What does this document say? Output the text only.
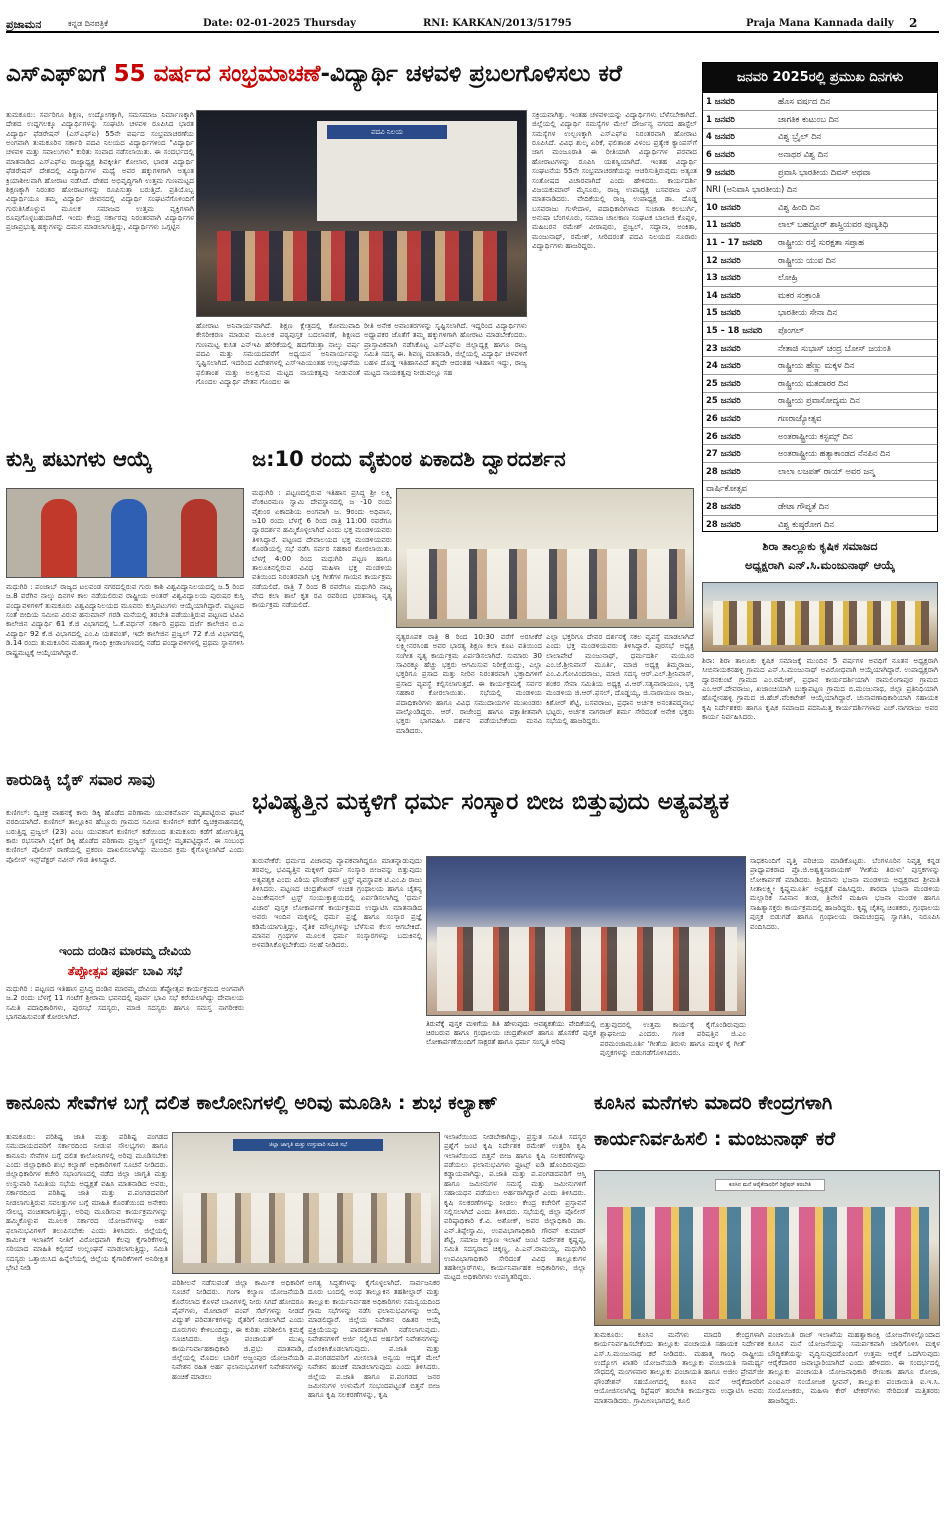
ಪ್ರಜಾಮನ	ಕನ್ನಡ ದಿನಪತ್ರಿಕೆ	Date: 02-01-2025 Thursday	RNI: KARKAN/2013/51795	Praja Mana Kannada daily 2
ಎಸ್‌ಎಫ್‌ಐಗೆ 55 ವರ್ಷದ ಸಂಭ್ರಮಾಚಣೆ-ವಿದ್ಯಾರ್ಥಿ ಚಳವಳಿ ಪ್ರಬಲಗೊಳಿಸಲು ಕರೆ
ತುಮಕೂರು: ಸರ್ವರಿಗೂ ಶಿಕ್ಷಣ, ಉದ್ಯೋಗಕ್ಕಾಗಿ, ಸಮಸಮಾಜ ನಿರ್ಮಾಣಕ್ಕಾಗಿ ದೇಶದ ಉದ್ದಗಲಕ್ಕೂ ವಿದ್ಯಾರ್ಥಿಗಳನ್ನು ಸಂಘಟಿಸಿ ಚಳವಳಿ ರೂಪಿಸಿದ ಭಾರತ ವಿದ್ಯಾರ್ಥಿ ಫೆಡರೇಷನ್ (ಎಸ್‌ಎಫ್‌ಐ) 55ನೇ ವರ್ಷದ ಸಂಭ್ರಮಾಚರಣೆಯ ಅಂಗವಾಗಿ ತುಮಕೂರಿನ ಸರ್ಕಾರಿ ಪದವಿ ನಿಲಯದ ವಿದ್ಯಾರ್ಥಿಗಳಿಂದ "ವಿದ್ಯಾರ್ಥಿ ಚಳವಳಿ ಮತ್ತು ಸವಾಲುಗಳು" ಕುರಿತು ಸಂವಾದ ನಡೆಸಲಾಯಿತು. ಈ ಸಂದರ್ಭದಲ್ಲಿ ಮಾತನಾಡಿದ ಎಸ್‌ಎಫ್‌ಐ ರಾಜ್ಯಾಧ್ಯಕ್ಷ ಶಿವಕ್ಕೀರ್ತಿ ಕೋಲಾರ, ಭಾರತ ವಿದ್ಯಾರ್ಥಿ ಫೆಡರೇಷನ್ ದೇಶದಲ್ಲಿ ವಿದ್ಯಾರ್ಥಿಗಳ ಮಧ್ಯೆ ಅವರ ಹಕ್ಕುಗಳಿಗಾಗಿ ಅತ್ಯಂತ ಕ್ರಿಯಾಶೀಲವಾಗಿ ಹೋರಾಟ ನಡೆಸಿದೆ. ದೇಶದ ಅಭಿವೃದ್ಧಿಗಾಗಿ ಉತ್ತಮ ಗುಣಮಟ್ಟದ ಶಿಕ್ಷಣಕ್ಕಾಗಿ ನಿರಂತರ ಹೋರಾಟಗಳನ್ನು ರೂಪಿಸುತ್ತಾ ಬರುತ್ತಿದೆ. ಪ್ರತಿಯೊಬ್ಬ ವಿದ್ಯಾರ್ಥಿಯೂ ತಮ್ಮ ವಿದ್ಯಾರ್ಥಿ ಜೀವನದಲ್ಲಿ ವಿದ್ಯಾರ್ಥಿ ಸಂಘಟನೆಗೊಳಿಂದಿಗೆ ಗುರುತಿಸಿಕೊಳ್ಳುವ ಮೂಲಕ ಸಮಾಜದ ಉತ್ತಮ ವ್ಯಕ್ತಿಗಳಾಗಿ ರೂಪುಗೊಳ್ಳಬಹುದಾಗಿದೆ. ಇಂದು ಕೇಂದ್ರ ಸರ್ಕಾರವು ನಿರಂತರವಾಗಿ ವಿದ್ಯಾರ್ಥಿಗಳ ಪ್ರಜಾಪ್ರಭುತ್ವ ಹಕ್ಕುಗಳನ್ನು ದಮನ ಮಾಡಲಾಗುತ್ತಿದ್ದು, ವಿದ್ಯಾರ್ಥಿಗಳು ಒಗ್ಗಟ್ಟಿನ
ಪದವಿ ನಿಲಯ
ಹೋರಾಟ ಅನಿವಾರ್ಯವಾಗಿದೆ. ಶಿಕ್ಷಣ ಕ್ಷೇತ್ರದಲ್ಲಿ ಕೋಮುವಾದಿ ಕೇಸರೀಕರಣ ಮಾಡುವ ಮೂಲಕ ಪಠ್ಯಪುಸ್ತಕ ಬದಲಾವಣೆ, ಶಿಕ್ಷಣದ ಗುಣಮಟ್ಟ ಕುಸಿತ ಎನ್‌ಇಪಿ ಹೇರಿಕೆಯಲ್ಲಿ ಹದಗೆಡುತ್ತಾ ನಾಲ್ಕು ವರ್ಷ ಪದವಿ ಮತ್ತು ಸಮಯದವರೆಗೆ ಅಧ್ಯಯನ ಅನಿವಾರ್ಯವನ್ನು ಸೃಷ್ಟಿಸಲಾಗಿದೆ. ಇದರಿಂದ ವಿದೇಶಗಳಲ್ಲಿ ಎಸ್‌ಇಪಿಯಂತಹ ಉಲ್ಲಂಘನೆಯ ಫಲಿತಾಂಶ ಮತ್ತು ಅಲಕ್ಷಿಸುವ ಮಟ್ಟದ ನಾಯಕತ್ವವು ನೀಡುವಂತೆ ಗೊಂದಲ ವಿದ್ಯಾರ್ಥಿ ವೇತನ ಗೊಂದಲ ಈ
ರೀತಿ ಅನೇಕ ಅವಾಂತರಗಳನ್ನು ಸೃಷ್ಟಿಸಲಾಗಿದೆ. ಇದ್ದರಿಂದ ವಿದ್ಯಾರ್ಥಿಗಳು ಅಧ್ಯಾಪಕರ ಜೊತೆಗೆ ತಮ್ಮ ಹಕ್ಕುಗಳಿಗಾಗಿ ಹೋರಾಟ ಮಾಡಬೇಕೆಂದರು. ಪ್ರಾಸ್ತಾವಿಕವಾಗಿ ನಡೆಸಿಕೊಟ್ಟ ಎಸ್‌ಎಫ್‌ಐ ಜಿಲ್ಲಾಧ್ಯಕ್ಷ ಹಾಗೂ ರಾಜ್ಯ ಸಮಿತಿ ಸದಸ್ಯ ಈ. ಶಿವಣ್ಣ ಮಾತನಾಡಿ, ಜಿಲ್ಲೆಯಲ್ಲಿ ವಿದ್ಯಾರ್ಥಿ ಚಳವಳಿಗೆ ಬಹಳ ದೊಡ್ಡ ಇತಿಹಾಸವಿದೆ ತನ್ನದೇ ಆದಂತಹ ಇತಿಹಾಸ ಇದ್ದು, ರಾಜ್ಯ ಮಟ್ಟದ ನಾಯಕತ್ವವು ನೀಡುವಲ್ಲೂ ಸಹ
ಸಕ್ರಿಯವಾಗಿತ್ತು. ಇಂತಹ ಚಳವಳಿಯನ್ನು ವಿದ್ಯಾರ್ಥಿಗಳು ಬೆಳೆಸಬೇಕಾಗಿದೆ. ಜಿಲ್ಲೆಯಲ್ಲಿ ವಿದ್ಯಾರ್ಥಿ ಸಮಸ್ಯೆಗಳ ಮೇಲೆ ದೌರ್ಜನ್ಯ ನಗರದ ಹಾಸ್ಟೆಲ್ ಸಮಸ್ಯೆಗಳ ಉಲ್ಬಣಕ್ಕಾಗಿ ಎಸ್‌ಎಫ್‌ಐ ನಿರಂತರವಾಗಿ ಹೋರಾಟ ರೂಪಿಸಿದೆ. ವಿವಿಧ ಶುಲ್ಕ ಏರಿಕೆ, ಫಲಿತಾಂಶ ವಿಳಂಬ ಪ್ರತ್ಯೇಕ ಕ್ಯಾಂಪಸ್‌ಗೆ ಜಾಗ ಮಂಜೂರಾತಿ ಈ ರೀತಿಯಾಗಿ ವಿದ್ಯಾರ್ಥಿಗಳ ಪರವಾದ ಹೋರಾಟಗಳನ್ನು ರೂಪಿಸಿ ಯಶಸ್ವಿಯಾಗಿದೆ. ಇಂತಹ ವಿದ್ಯಾರ್ಥಿ ಸಂಘಟನೆಯ 55ನೇ ಸಂಭ್ರಮಾಚರಣೆಯನ್ನು ಆಚರಿಸುತ್ತಿರುವುದು ಅತ್ಯಂತ ಸಂತೋಷದ ವಿಚಾರವಾಗಿದೆ ಎಂದು ಹೇಳಿದರು. ಕಾರ್ಯದರ್ಶಿ ವಿಜಯಕುಮಾರ್ ಮೈಸೂರು, ರಾಜ್ಯ ಉಪಾಧ್ಯಕ್ಷ ಬಸವರಾಜ ಎಸ್ ಮಾತನಾಡಿದರು. ವೇದಿಕೆಯಲ್ಲಿ ರಾಜ್ಯ ಉಪಾಧ್ಯಕ್ಷ ಡಾ. ದೊಡ್ಡ ಬಸವರಾಜು ಗುಳೇದಾಳ, ಪದಾಧಿಕಾರಿಗಳಾದ ಸುಜಾತಾ ಕಲಬುರ್ಗಿ, ಅನುಷಾ ಬೆಂಗಳೂರು, ಸಮಾಜ ಚಾಲಕಾಣ ಸಂಘಟಕ ಬಾಲಾಜಿ ಕೊಪ್ಪಳ, ಮಹಿಬರನ ರಮೇಶ್ ವೀರಾಪುರು, ಪ್ರಜ್ವಲ್, ಸದ್ದಾನಾ, ಅಂಕಿತಾ, ಮಂಜುನಾಥ್, ರಮೇಶ್, ಸೀರಿದರಂತೆ ಪದವಿ ನಿಲಯದ ನೂರಾರು ವಿದ್ಯಾರ್ಥಿಗಳು ಹಾಜರಿದ್ದರು.
ಜನವರಿ 2025ರಲ್ಲಿ ಪ್ರಮುಖ ದಿನಗಳು
1 ಜನವರಿ	ಹೊಸ ವರ್ಷದ ದಿನ
1 ಜನವರಿ	ಜಾಗತಿಕ ಕುಟುಂಬ ದಿನ
4 ಜನವರಿ	ವಿಶ್ವ ಬ್ರೈಲ್ ದಿನ
6 ಜನವರಿ	ಅನಾಥರ ವಿಶ್ವ ದಿನ
9 ಜನವರಿ	ಪ್ರವಾಸಿ ಭಾರತೀಯ ದಿವಸ್ ಅಥವಾ
NRI (ಅನಿವಾಸಿ ಭಾರತೀಯ) ದಿನ	
10 ಜನವರಿ	ವಿಶ್ವ ಹಿಂದಿ ದಿನ
11 ಜನವರಿ	ಲಾಲ್ ಬಹದ್ದೂರ್ ಶಾಸ್ತ್ರಿಯವರ ಪುಣ್ಯತಿಥಿ
11 – 17 ಜನವರಿ	ರಾಷ್ಟ್ರೀಯ ರಸ್ತೆ ಸುರಕ್ಷತಾ ಸಪ್ತಾಹ
12 ಜನವರಿ	ರಾಷ್ಟ್ರೀಯ ಯುವ ದಿನ
13 ಜನವರಿ	ಲೋಹ್ರಿ
14 ಜನವರಿ	ಮಕರ ಸಂಕ್ರಾಂತಿ
15 ಜನವರಿ	ಭಾರತೀಯ ಸೇನಾ ದಿನ
15 – 18 ಜನವರಿ	ಪೊಂಗಲ್
23 ಜನವರಿ	ನೇತಾಜಿ ಸುಭಾಸ್ ಚಂದ್ರ ಬೋಸ್ ಜಯಂತಿ
24 ಜನವರಿ	ರಾಷ್ಟ್ರೀಯ ಹೆಣ್ಣು ಮಕ್ಕಳ ದಿನ
25 ಜನವರಿ	ರಾಷ್ಟ್ರೀಯ ಮತದಾರರ ದಿನ
25 ಜನವರಿ	ರಾಷ್ಟ್ರೀಯ ಪ್ರವಾಸೋದ್ಯಮ ದಿನ
26 ಜನವರಿ	ಗಣರಾಜ್ಯೋತ್ಸವ
26 ಜನವರಿ	ಅಂತರಾಷ್ಟ್ರೀಯ ಕಸ್ಟಮ್ಸ್ ದಿನ
27 ಜನವರಿ	ಅಂತರಾಷ್ಟ್ರೀಯ ಹತ್ಯಾಕಾಂಡದ ನೆನಪಿನ ದಿನ
28 ಜನವರಿ	ಲಾಲಾ ಲಜಪತ್ ರಾಯ್ ಅವರ ಜನ್ಮ
ವಾರ್ಷಿಕೋತ್ಸವ	
28 ಜನವರಿ	ಡೇಟಾ ಗೌಪ್ಯತೆ ದಿನ
28 ಜನವರಿ	ವಿಶ್ವ ಕುಷ್ಠರೋಗ ದಿನ

ಶಿರಾ ತಾಲ್ಲೂಕು ಕೃಷಿಕ ಸಮಾಜದ
ಅಧ್ಯಕ್ಷರಾಗಿ ಎನ್.ಸಿ.ಮಂಜುನಾಥ್ ಆಯ್ಕೆ
ಶಿರಾ: ಶಿರಾ ತಾಲೂಕು ಕೃಷಿಕ ಸಮಾಜಕ್ಕೆ ಮುಂದಿನ 5 ವರ್ಷಗಳ ಅವಧಿಗೆ ನೂತನ ಅಧ್ಯಕ್ಷರಾಗಿ ಸೀಬಿನಾಯಕನಹಳ್ಳಿ ಗ್ರಾಮದ ಎನ್.ಸಿ.ಮಂಜುನಾಥ್ ಅವಿರೋಧವಾಗಿ ಆಯ್ಕೆಯಾಗಿದ್ದಾರೆ. ಉಪಾಧ್ಯಕ್ಷರಾಗಿ ದ್ವಾರನಕುಂಟೆ ಗ್ರಾಮದ ಎಂ.ರಮೇಶ್, ಪ್ರಧಾನ ಕಾರ್ಯದರ್ಶಿಯಾಗಿ ರಾಮಲಿಂಗಾಪುರ ಗ್ರಾಮದ ಎಂ.ಆರ್.ದೇವರಾಜು, ಖಜಾಂಚಿಯಾಗಿ ಬುಕ್ಕಾಪಟ್ಟಣ ಗ್ರಾಮದ ಬಿ.ಮಂಜುನಾಥ, ಜಿಲ್ಲಾ ಪ್ರತಿನಿಧಿಯಾಗಿ ಹೊನ್ನೇನಹಳ್ಳಿ ಗ್ರಾಮದ ಜಿ.ಹೆಚ್.ವೆಂಕಟೇಶ್ ಆಯ್ಕೆಯಾಗಿದ್ದಾರೆ. ಚುನಾವಣಾಧಿಕಾರಿಯಾಗಿ ಸಹಾಯಕ ಕೃಷಿ ನಿರ್ದೇಶಕರು ಹಾಗೂ ಕೃಷಿಕ ಸಮಾಜದ ಪದನಿಮಿತ್ತ ಕಾರ್ಯದರ್ಶಿಗಳಾದ ಎಚ್.ನಾಗರಾಜು ಅವರ ಕಾರ್ಯ ನಿರ್ವಹಿಸಿದರು.
ಕುಸ್ತಿ ಪಟುಗಳು ಆಯ್ಕೆ
ಮಧುಗಿರಿ : ಪಂಜಾಬ್ ರಾಜ್ಯದ ಟಲವಂಡ ನಗರದಲ್ಲಿರುವ ಗುರು ಕಾಶಿ ವಿಶ್ವವಿದ್ಯಾನಿಲಯದಲ್ಲಿ ಜ.5 ರಿಂದ ಜ.8 ವರೆಗಿನ ನಾಲ್ಕು ದಿನಗಳ ಕಾಲ ನಡೆಯಲಿರುವ ರಾಷ್ಟ್ರೀಯ ಅಂತರ್ ವಿಶ್ವವಿದ್ಯಾಲಯ ಪುರುಷರ ಕುಸ್ತಿ ಪಂದ್ಯಾವಳಿಗಳಿಗೆ ತುಮಕೂರು ವಿಶ್ವವಿದ್ಯಾನಿಲಯದ ಮೂವರು ಕುಸ್ತಿಪಟುಗಳು ಆಯ್ಕೆಯಾಗಿದ್ದಾರೆ. ಪಟ್ಟಣದ ಸಂತೆ ಬೀದಿಯ ಸಮೀಪ ವಿರುವ ಹನುಮಾನ್ ಗರಡಿ ಮನೆಯಲ್ಲಿ ತರಬೇತಿ ಪಡೆಯುತ್ತಿರುವ ಪಟ್ಟಣದ ಟಿವಿವಿ ಕಾಲೇಜಿನ ವಿದ್ಯಾರ್ಥಿ 61 ಕೆ.ಜಿ ವಿಭಾಗದಲ್ಲಿ ಓ.ಕೆ.ವರ್ಧನ್ ಸರ್ಕಾರಿ ಪ್ರಥಮ ದರ್ಜೆ ಕಾಲೇಜಿನ ಬಿ.ಎ ವಿದ್ಯಾರ್ಥಿ 92 ಕೆ.ಜಿ ವಿಭಾಗದಲ್ಲಿ ಎಂ.ಪಿ ಯಶವಂತ್, ಇದೇ ಕಾಲೇಜಿನ ಪ್ರಜ್ವಲ್ 72 ಕೆ.ಜಿ ವಿಭಾಗದಲ್ಲಿ ಡಿ.14 ರಂದು ತುಮಕೂರಿನ ಮಹಾತ್ಮ ಗಾಂಧಿ ಕ್ರೀಡಾಂಗಣದಲ್ಲಿ ನಡೆದ ಪಂದ್ಯಾವಳಿಗಳಲ್ಲಿ ಪ್ರಥಮ ಸ್ಥಾನಗಳಿಸಿ ರಾಷ್ಟ್ರಮಟ್ಟಕ್ಕೆ ಆಯ್ಕೆಯಾಗಿದ್ದಾರೆ.
ಜ:10 ರಂದು ವೈಕುಂಠ ಏಕಾದಶಿ ದ್ವಾರದರ್ಶನ
ಮಧುಗಿರಿ : ಪಟ್ಟಣದಲ್ಲಿರುವ ಇತಿಹಾಸ ಪ್ರಸಿದ್ಧ ಶ್ರೀ ಲಕ್ಷ್ಮಿ ವೆಂಕಟರಮಣ ಸ್ವಾಮಿ ದೇವಸ್ಥಾನದಲ್ಲಿ ಜ -10 ರಂದು ವೈಕುಂಠ ಏಕಾದಶಿಯ ಅಂಗವಾಗಿ ಜ. 9ರಂದು ಅಧಿವಾಸ, ಜ10 ರಂದು ಬೆಳಗ್ಗೆ 6 ರಿಂದ ರಾತ್ರಿ 11:00 ರವರೆಗೂ ದ್ವಾರದರ್ಶನ ಹಮ್ಮಿಕೊಳ್ಳಲಾಗಿದೆ ಎಂದು ಭಕ್ತ ಮಂಡಳಿಯವರು ತಿಳಿಸಿದ್ದಾರೆ. ಪಟ್ಟಣದ ದೇವಾಲಯದ ಭಕ್ತ ಮಂಡಳಿಯವರು ಕೊಠಡಿಯಲ್ಲಿ ಸಭೆ ನಡೆಸಿ ಸರ್ವರ ಸಹಕಾರ ಕೋರಲಾಯಿತು. ಬೆಳಗ್ಗೆ 4:00 ರಿಂದ ಮಧುಗಿರಿ ಪಟ್ಟಣ ಹಾಗೂ ತಾಲೂಕಿನಲ್ಲಿರುವ ವಿವಿಧ ಮಹಿಳಾ ಭಕ್ತ ಮಂಡಳಿಯ ವತಿಯಿಂದ ನಿರಂತರವಾಗಿ ಭಕ್ತಿ ಗೀತೆಗಳ ಗಾಯನ ಕಾರ್ಯಕ್ರಮ ನಡೆಯಲಿದೆ. ರಾತ್ರಿ 7 ರಿಂದ 8 ರವರೆಗೂ ಮಧುಗಿರಿ ನಾಟ್ಯ ವೇದ ಕಲಾ ಶಾಲೆ ಕೃತ ರವಿ ರವರಿಂದ ಭರತನಾಟ್ಯ ನೃತ್ಯ ಕಾರ್ಯಕ್ರಮ ನಡೆಯಲಿದೆ.
ನೃತ್ಯರೂಪಕ ರಾತ್ರಿ 8 ರಿಂದ 10:30 ವರೆಗೆ ಅರಸೀಕೆರೆ ಲಕ್ಷ್ಮೀನರಸಿಂಹ ಅವರ ಭಾರತ್ಯ ಶಿಕ್ಷಣ ಕಲಾ ಕೂಟ ವತಿಯಿಂದ ಸಂಗೀತ ನೃತ್ಯ ಕಾರ್ಯಕ್ರಮ ಏರ್ಪಡಿಸಲಾಗಿದೆ. ಸುಮಾರು 30 ಸಾವಿರಕ್ಕೂ ಹೆಚ್ಚು ಭಕ್ತರು ಆಗಮಿಸುವ ನಿರೀಕ್ಷೆಯಿದ್ದು, ಎಲ್ಲಾ ಭಕ್ತರಿಗೂ ಪ್ರಸಾದ ಮತ್ತು ನೀರಿನ ನಿರಂತರವಾಗಿ ಭಕ್ತಾದಿಗಳಿಗೆ ಪ್ರಸಾದ ವ್ಯವಸ್ಥೆ ಕಲ್ಪಿಸಲಾಗುತ್ತದೆ. ಈ ಕಾರ್ಯಕ್ರಮಕ್ಕೆ ಸರ್ವರ ಸಹಕಾರ ಕೋರಲಾಯಿತು. ಸಭೆಯಲ್ಲಿ ಮಂಡಳಿಯ ಪದಾಧಿಕಾರಿಗಳು ಹಾಗೂ ವಿವಿಧ ಸಮುದಾಯಗಳ ಮುಖಂಡರು ಪಾಲ್ಗೊಂಡಿದ್ದರು. ಆರ್. ರಾಜೇಂದ್ರ ಹಾಗೂ ಪಕ್ಷಾತೀತವಾಗಿ ಭಕ್ತರು ಭಾಗವಹಿಸಿ ದರ್ಶನ ಪಡೆಯಬೇಕೆಂದು ಮನವಿ ಮಾಡಿದರು.
ಎಲ್ಲಾ ಭಕ್ತರಿಗೂ ದೇವರ ದರ್ಶನಕ್ಕೆ ಸಕಲ ವ್ಯವಸ್ಥೆ ಮಾಡಲಾಗಿದೆ ಎಂದು ಭಕ್ತ ಮಂಡಳಿಯವರು ತಿಳಿಸಿದ್ದಾರೆ. ಪುರಸಭೆ ಅಧ್ಯಕ್ಷ ಲಾಲಾಪೇಟೆ ಮಂಜುನಾಥ್, ಧರ್ಮದರ್ಶಿ ಮಯೂರ ಎಂ.ಜೆ.ಶ್ರೀನಿವಾಸ್ ಮೂರ್ತಿ, ಮಾಜಿ ಅಧ್ಯಕ್ಷ ತಿಮ್ಮರಾಜು, ಎಂ.ವಿ.ಗೋವಿಂದರಾಜು, ಮಾಜಿ ಸದಸ್ಯ ಆರ್.ಎಲ್.ಶ್ರೀನಿವಾಸ್, ಶಂಕರ ಸೇವಾ ಸಮಿತಿಯ ಅಧ್ಯಕ್ಷ ವಿ.ಆರ್.ಸತ್ಯನಾರಾಯಣ, ಭಕ್ತ ಮಂಡಳಿಯ ಜಿ.ಆರ್.ಫಸಲ್, ದೊಡ್ಡಯ್ಯ, ಜಿ.ನಾರಾಯಣ ರಾಜು, ಕಿಶೋರ್ ಶೆಟ್ಟಿ, ಬಸವರಾಜು, ಪ್ರಧಾನ ಅರ್ಚಕ ಅನಂತಪದ್ಮನಾಭ ಭಟ್ಟರು, ಅರ್ಚಕ ನಾಗರಾಜ್ ಶರ್ಮ ಸೇರಿದಂತೆ ಅನೇಕ ಭಕ್ತರು ಸಭೆಯಲ್ಲಿ ಹಾಜರಿದ್ದರು.
ಕಾರುಡಿಕ್ಕಿ ಬೈಕ್ ಸವಾರ ಸಾವು
ಕುಣಿಗಲ್: ದ್ವಿಚಕ್ರ ವಾಹನಕ್ಕೆ ಕಾರು ಡಿಕ್ಕಿ ಹೊಡೆದ ಪರಿಣಾಮ ಯುವಕನೊರ್ವ ಮೃತಪಟ್ಟಿರುವ ಘಟನೆ ವರದಿಯಾಗಿದೆ. ಕುಣಿಗಲ್ ತಾಲ್ಲೂಕಿನ ಹೆಬ್ಬೂರು ಗ್ರಾಮದ ಸಮೀಪ ಕುಣಿಗಲ್ ಕಡೆಗೆ ದ್ವಿಚಕ್ರವಾಹನದಲ್ಲಿ ಬರುತ್ತಿದ್ದ ಪ್ರಜ್ವಲ್ (23) ಎಂಬ ಯುವಕನಿಗೆ ಕುಣಿಗಲ್ ಕಡೆಯಿಂದ ತುಮಕೂರು ಕಡೆಗೆ ಹೋಗುತ್ತಿದ್ದ ಕಾರು ರಭಸವಾಗಿ ಬೈಕಿಗೆ ಡಿಕ್ಕಿ ಹೊಡೆದ ಪರಿಣಾಮ ಪ್ರಜ್ವಲ್ ಸ್ಥಳದಲ್ಲೇ ಮೃತಪಟ್ಟಿದ್ದಾನೆ. ಈ ಸಂಬಂಧ ಕುಣಿಗಲ್ ಪೊಲೀಸ್ ಠಾಣೆಯಲ್ಲಿ ಪ್ರಕರಣ ದಾಖಲಿಸಲಾಗಿದ್ದು ಮುಂದಿನ ಕ್ರಮ ಕೈಗೊಳ್ಳಲಾಗಿದೆ ಎಂದು ಪೊಲೀಸ್ ಇನ್ಸ್‌ಪೆಕ್ಟರ್ ನವೀನ್ ಗೌಡ ತಿಳಿಸಿದ್ದಾರೆ.
ಇಂದು ದಂಡಿನ ಮಾರಮ್ಮ ದೇವಿಯ
ತೆಪ್ಪೋತ್ಸವ ಪೂರ್ವ ಬಾವಿ ಸಭೆ
ಮಧುಗಿರಿ : ಪಟ್ಟಣದ ಇತಿಹಾಸ ಪ್ರಸಿದ್ಧ ದಂಡಿನ ಮಾರಮ್ಮ ದೇವಿಯ ತೆಪ್ಪೋತ್ಸವ ಕಾರ್ಯಕ್ರಮದ ಅಂಗವಾಗಿ ಜ.2 ರಂದು ಬೆಳಗ್ಗೆ 11 ಗಂಟೆಗೆ ಶ್ರೀರಾಮ ಭವನದಲ್ಲಿ ಪೂರ್ವ ಭಾವಿ ಸಭೆ ಕರೆಯಲಾಗಿದ್ದು ದೇವಾಲಯ ಸಮಿತಿ ಪದಾಧಿಕಾರಿಗಳು, ಪುರಸಭೆ ಸದಸ್ಯರು, ಮಾಜಿ ಸದಸ್ಯರು ಹಾಗೂ ಸಮಸ್ತ ನಾಗರೀಕರು ಭಾಗವಹಿಸುವಂತೆ ಕೋರಲಾಗಿದೆ.
ಭವಿಷ್ಯತ್ತಿನ ಮಕ್ಕಳಿಗೆ ಧರ್ಮ ಸಂಸ್ಕಾರ ಬೀಜ ಬಿತ್ತುವುದು ಅತ್ಯವಶ್ಯಕ
ತುರುವೇಕೆರೆ: ಧರ್ಮದ ವಿಚಾರವು ವ್ಯಾಪಕವಾಗಿದ್ದರೂ ಮಾತನ್ನಾಡುವುದು ತರವಲ್ಲ, ಭವಿಷ್ಯತ್ತಿನ ಮಕ್ಕಳಿಗೆ ಧರ್ಮ ಸಂಸ್ಕಾರ ಬೀಜವನ್ನು ಬಿತ್ತುವುದು ಅತ್ಯವಶ್ಯಕ ಎಂದು ವಿಠಿಯ ಫೌಂಡೇಶನ್ ಟ್ರಸ್ಟ್ ವ್ಯವಸ್ಥಾಪಕ ಟಿ.ಎಂ.ಪಿ ರಾಜು ತಿಳಿಸಿದರು. ಪಟ್ಟಣದ ಚಂದ್ರಶೇಖರ್ ಉಚಿತ ಗ್ರಂಥಾಲಯ ಹಾಗೂ ಚೈತನ್ಯ ಎಜುಕೇಷನಲ್ ಟ್ರಸ್ಟ್ ಸಂಯುಕ್ತಾಶ್ರಯದಲ್ಲಿ ಏರ್ಪಡಿಸಲಾಗಿದ್ದ 'ಧರ್ಮ ವಿಚಾರ' ಪುಸ್ತಕ ಲೋಕಾರ್ಪಣೆ ಕಾರ್ಯಕ್ರಮದ ಉದ್ಘಾಟಿಸಿ ಮಾತನಾಡಿದ ಅವರು ಇಂದಿನ ಮಕ್ಕಳಲ್ಲಿ ಧರ್ಮ ಪ್ರಜ್ಞೆ ಹಾಗೂ ಸಂಸ್ಕಾರ ಪ್ರಜ್ಞೆ ಕಡಿಮೆಯಾಗುತ್ತಿದ್ದು, ನೈತಿಕ ಮೌಲ್ಯಗಳನ್ನು ಬೆಳೆಸುವ ಕೆಲಸ ಆಗಬೇಕಿದೆ. ಮಾನವ ಗ್ರಂಥಗಳ ಮೂಲಕ ಧರ್ಮ ಸಂಸ್ಕಾರಗಳನ್ನು ಬದುಕಿನಲ್ಲಿ ಅಳವಡಿಸಿಕೊಳ್ಳಬೇಕೆಂದು ಸಲಹೆ ನೀಡಿದರು.
ತಿರುವೆಕ್ಕೆ ಪುಸ್ತಕ ಮಳಿಗೆಯ ಶಿತಿ ಹೇಳುವುದು ಅವಶ್ಯಕತೆಯು ವೇದಿಕೆಯಲ್ಲಿ ಚಿರಬರುವ ಹಾಗೂ ಗ್ರಂಥಾಲಯ ಚಂದ್ರಶೇಖರ್ ಹಾಗೂ ಹೊಸಕೆರೆ ಪುಸ್ತಕ ಲೋಕಾರ್ಪಣೆಯಿಂದಿಗೆ ಸಾಕ್ಷರತೆ ಹಾಗೂ ಧರ್ಮ ಸಂಸ್ಕೃತಿ ಅರಿವು
ಬಿತ್ತುವುದರಲ್ಲಿ ಉತ್ತಮ ಕಾರ್ಯಕ್ಕೆ ಕೈಗೊಂಡಿರುವುದು ಶ್ಲಾಘನೀಯ ಎಂದರು. ಗಣಕ ಪರಿಷತ್ತಿನ ಜಿ.ಎಂ ಪರಮಂಜಾಮೂರ್ತಿ 'ಗೀತೆಯ ತಿರುಳು ಹಾಗೂ ಮಕ್ಕಳ ಕೈ ಗೀತೆ' ಪುಸ್ತಕಗಳನ್ನು ಬಿಡುಗಡೆಗೊಳಿಸಿದರು.
ಸಾಧಕನಿಂದಿಗೆ ವೃತ್ತಿ ಪರಿಚಯ ಮಾಡಿಕೊಟ್ಟರು. ಬೆಂಗಳೂರಿನ ನಿವೃತ್ತ ಕನ್ನಡ ಪ್ರಾಧ್ಯಾಪಕರಾದ ಪ್ರೊ.ಜಿ.ಅಶ್ವತ್ಥನಾರಾಯಣ್ 'ಗೀತೆಯ ತಿರುಳು' ಪುಸ್ತಕಗಳನ್ನು ಲೋಕಾರ್ಪಣೆ ಮಾಡಿದರು. ಶ್ರೀಮಾನು ಭಜನಾ ಮಂಡಳಿಯ ಅಧ್ಯಕ್ಷರಾದ ಶ್ರೀಮತಿ ಸೀತಾಲಕ್ಷ್ಮೀ ಕೃಷ್ಣಮೂರ್ತಿ ಅಧ್ಯಕ್ಷತೆ ವಹಿಸಿದ್ದರು. ಶಾರದಾ ಭಜನಾ ಮಂಡಳಿಯ ಮಲ್ಲಾರಿಕ ಸವಿನಾನ ತಂಡ, ತ್ರಿವೇಣಿ ಮಹಿಳಾ ಭಜನಾ ಮಂಡಳಿ ಹಾಗೂ ಸಾಹಿತ್ಯಾಸಕ್ತರು ಕಾರ್ಯಕ್ರಮದಲ್ಲಿ ಹಾಜರಿದ್ದರು. ಕೃಷ್ಣ ಚೈತನ್ಯ ಚಿಂತಕರು, ಗ್ರಂಥಾಲಯ ಪುಸ್ತಕ ಬಿಡುಗಡೆ ಹಾಗೂ ಗ್ರಂಥಾಲಯ ರಾಮಚಂದ್ರಪ್ಪ ಸ್ವಾಗತಿಸಿ, ನಿರೂಪಿಸಿ ವಂದಿಸಿದರು.
ಕಾನೂನು ಸೇವೆಗಳ ಬಗ್ಗೆ ದಲಿತ ಕಾಲೋನಿಗಳಲ್ಲಿ ಅರಿವು ಮೂಡಿಸಿ : ಶುಭ ಕಲ್ಯಾಣ್
ತುಮಕೂರು: ಪರಿಶಿಷ್ಟ ಜಾತಿ ಮತ್ತು ಪರಿಶಿಷ್ಟ ಪಂಗಡದ ಸಮುದಾಯದವರಿಗೆ ಸರ್ಕಾರದಿಂದ ನೀಡುವ ಸೌಲಭ್ಯಗಳು ಹಾಗೂ ಕಾನೂನು ಸೇವೆಗಳ ಬಗ್ಗೆ ದಲಿತ ಕಾಲೋನಿಗಳಲ್ಲಿ ಅರಿವು ಮೂಡಿಸಬೇಕು ಎಂದು ಜಿಲ್ಲಾಧಿಕಾರಿ ಶುಭ ಕಲ್ಯಾಣ್ ಅಧಿಕಾರಿಗಳಿಗೆ ಸೂಚನೆ ನೀಡಿದರು. ಜಿಲ್ಲಾಧಿಕಾರಿಗಳ ಕಚೇರಿ ಸಭಾಂಗಣದಲ್ಲಿ ನಡೆದ ಜಿಲ್ಲಾ ಜಾಗೃತಿ ಮತ್ತು ಉಸ್ತುವಾರಿ ಸಮಿತಿಯ ಸಭೆಯ ಅಧ್ಯಕ್ಷತೆ ವಹಿಸಿ ಮಾತನಾಡಿದ ಅವರು, ಸರ್ಕಾರದಿಂದ ಪರಿಶಿಷ್ಟ ಜಾತಿ ಮತ್ತು ಪ.ಪಂಗಡದವರಿಗೆ ನೀಡಲಾಗುತ್ತಿರುವ ಸವಲತ್ತುಗಳ ಬಗ್ಗೆ ಮಾಹಿತಿ ಕೊರತೆಯಿಂದ ಅನೇಕರು ಸೌಲಭ್ಯ ವಂಚಿತರಾಗುತ್ತಿದ್ದು, ಅರಿವು ಮೂಡಿಸುವ ಕಾರ್ಯಕ್ರಮಗಳನ್ನು ಹಮ್ಮಿಕೊಳ್ಳುವ ಮೂಲಕ ಸರ್ಕಾರದ ಯೋಜನೆಗಳನ್ನು ಅರ್ಹ ಫಲಾನುಭವಿಗಳಿಗೆ ತಲುಪಿಸಬೇಕು ಎಂದು ತಿಳಿಸಿದರು. ಜಿಲ್ಲೆಯಲ್ಲಿ ಕಾರ್ಮಿಕ ಇಲಾಖೆಗೆ ನೀತಿಗೆ ವಿರೋಧವಾಗಿ ಕೆಲವು ಕೈಗಾರಿಕೆಗಳಲ್ಲಿ ಸರಿಯಾದ ಮಾಹಿತಿ ಕಲ್ಪಿಸದೆ ಉಲ್ಲಂಘನೆ ಮಾಡಲಾಗುತ್ತಿದ್ದು, ಸಮಿತಿ ಸದಸ್ಯರು ಒತ್ತಾಯಿಸಿದ ಹಿನ್ನೆಲೆಯಲ್ಲಿ ಜಿಲ್ಲೆಯ ಕೈಗಾರಿಕೆಗಳಿಗೆ ಅನಿರೀಕ್ಷಿತ ಭೇಟಿ ನೀಡಿ
ಜಿಲ್ಲಾ ಜಾಗೃತಿ ಮತ್ತು ಉಸ್ತುವಾರಿ ಸಮಿತಿ ಸಭೆ
ಪರಿಶೀಲನೆ ನಡೆಸುವಂತೆ ಜಿಲ್ಲಾ ಕಾರ್ಮಿಕ ಅಧಿಕಾರಿಗೆ ಸೂಚನೆ ನೀಡಿದರು. ಗಂಗಾ ಕಲ್ಯಾಣ ಯೋಜನೆಯಡಿ ಕೊರೆಸಲಾದ ಕೊಳವೆ ಬಾವಿಗಳಲ್ಲಿ ನೀರು ಸಿಗದೆ ಹೋದರೂ ಪೈಪ್‌ಗಳು, ಮೋಟಾರ್ ಪಂಪ್ ಸೆಟ್‌ಗಳನ್ನು ನೀಡದೆ ವಿದ್ಯುತ್ ಪರಿವರ್ತಕಗಳನ್ನು ರೈತರಿಗೆ ನೀಡಲಾಗಿದೆ ಎಂದು ದೂರುಗಳು ಕೇಳಿಬಂದಿದ್ದು, ಈ ಕುರಿತು ಪರಿಶೀಲಿಸಿ ಕ್ರಮಕ್ಕೆ ಸೂಚಿಸಿದರು. ಜಿಲ್ಲಾ ಪಂಚಾಯತ್ ಮುಖ್ಯ ಕಾರ್ಯನಿರ್ವಾಹಕಾಧಿಕಾರಿ ಜಿ.ಪ್ರಭು ಮಾತನಾಡಿ, ಜಿಲ್ಲೆಯಲ್ಲಿ ಮೊದಲ ಬಾರಿಗೆ ಅಜ್ಜಂಪುರ ಯೋಜನೆಯಡಿ ನಿವೇಶನ ರಹಿತ ಅರ್ಹ ಫಲಾನುಭವಿಗಳಿಗೆ ನಿವೇಶನಗಳನ್ನು ಹಂಚಿಕೆ ಮಾಡಲು
ಅಗತ್ಯ ಸಿದ್ಧತೆಗಳನ್ನು ಕೈಗೊಳ್ಳಲಾಗಿದೆ. ಸಾರ್ವಜನಿಕರ ದೂರು ಬಂದಲ್ಲಿ ಅಂಥ ತಾಲ್ಲೂಕಿನ ತಹಶೀಲ್ದಾರ್ ಮತ್ತು ತಾಲ್ಲೂಕು ಕಾರ್ಯನಿರ್ವಹಕ ಅಧಿಕಾರಿಗಳು ಸಮನ್ವಯದಿಂದ ಗ್ರಾಮ ಸಭೆಗಳನ್ನು ನಡೆಸಿ ಫಲಾನುಭವಿಗಳನ್ನು ಆಯ್ಕೆ ಮಾಡಲಿದ್ದಾರೆ. ಜಿಲ್ಲೆಯ ನಿವೇಶನ ರಹಿತರ ಆಯ್ಕೆ ಪ್ರಕ್ರಿಯೆಯನ್ನು ಪಾರದರ್ಶಕವಾಗಿ ನಡೆಸಲಾಗುವುದು. ನಿವೇಶನಗಳಿಗೆ ಅರ್ಜಿ ಸಲ್ಲಿಸಿದ ಅರ್ಹರಿಗೆ ನಿವೇಶನಗಳನ್ನು ದೊರಕಿಸಿಕೊಡಲಾಗುವುದು. ಪ.ಜಾತಿ ಮತ್ತು ಪ.ಪಂಗಡದವರಿಗೆ ಮೀಸಲಾತಿ ಅನ್ವಯ ಆದ್ಯತೆ ಮೇಲೆ ನಿವೇಶನ ಹಂಚಿಕೆ ಮಾಡಲಾಗುವುದು ಎಂದು ತಿಳಿಸಿದರು. ಜಿಲ್ಲೆಯ ಪ.ಜಾತಿ ಹಾಗೂ ಪ.ಪಂಗಡದ ಜನರ ಜಮೀನುಗಳ ಉಳುಮೆಗೆ ಸಂಭಂದಪಟ್ಟಂತೆ ಬಿತ್ತನೆ ಬೀಜ ಹಾಗೂ ಕೃಷಿ ಸಲಕರಣೆಗಳನ್ನು, ಕೃಷಿ
ಇಲಾಖೆಯಿಂದ ನೀಡಬೇಕಾಗಿದ್ದು, ಪ್ರಸ್ತುತ ಸಮಿತಿ ಸದಸ್ಯರ ಪ್ರಶ್ನೆಗೆ ಜಂಟಿ ಕೃಷಿ ನಿರ್ದೇಶಕ ರಮೇಶ್ ಉತ್ತರಿಸಿ ಕೃಷಿ ಇಲಾಖೆಯಿಂದ ಬಿತ್ತನೆ ಬೀಜ ಹಾಗೂ ಕೃಷಿ ಸಲಕರಣೆಗಳನ್ನು ಪಡೆಯಲು ಫಲಾನುಭವಿಗಳು ಫ್ರೂಟ್ಸ್ ಐಡಿ ಹೊಂದಿರುವುದು ಕಡ್ಡಾಯವಾಗಿದ್ದು, ಪ.ಜಾತಿ ಮತ್ತು ಪ.ಪಂಗಡದವರಿಗೆ ಆಸ್ತಿ ಹಾಗೂ ಜಮೀನುಗಳ ಸಮಸ್ಯೆ ಮತ್ತು ಜಮೀನುಗಳಿಗೆ ಸಹಾಯಧನ ಪಡೆಯಲು ಅರ್ಹರಾಗಿದ್ದಾರೆ ಎಂದು ತಿಳಿಸಿದರು. ಕೃಷಿ ಸಲಕರಣೆಗಳನ್ನು ನೀಡಲು ಕೇಂದ್ರ ಕಚೇರಿಗೆ ಪ್ರಸ್ತಾವನೆ ಸಲ್ಲಿಸಲಾಗಿದೆ ಎಂದು ತಿಳಿಸಿದರು. ಸಭೆಯಲ್ಲಿ ಜಿಲ್ಲಾ ಪೊಲೀಸ್ ವರಿಷ್ಠಾಧಿಕಾರಿ ಕೆ.ವಿ. ಅಶೋಕ್, ಅಪರ ಜಿಲ್ಲಾಧಿಕಾರಿ ಡಾ. ಎನ್.ತಿಪ್ಪೇಸ್ವಾಮಿ, ಉಪವಿಭಾಗಾಧಿಕಾರಿ ಗೌರವ್ ಕುಮಾರ್ ಶೆಟ್ಟಿ, ಸಮಾಜ ಕಲ್ಯಾಣ ಇಲಾಖೆ ಜಂಟಿ ನಿರ್ದೇಶಕ ಕೃಷ್ಣಪ್ಪ, ಸಮಿತಿ ಸದಸ್ಯರಾದ ಚಿಕ್ಕಣ್ಣ, ಪಿ.ಎನ್.ರಾಮಯ್ಯ, ಮಧುಗಿರಿ ಉಪವಿಭಾಗಾಧಿಕಾರಿ ಸೇರಿದಂತೆ ವಿವಿಧ ತಾಲ್ಲೂಕುಗಳ ತಹಶೀಲ್ದಾರ್‌ಗಳು, ಕಾರ್ಯನಿರ್ವಾಹಕ ಅಧಿಕಾರಿಗಳು, ಜಿಲ್ಲಾ ಮಟ್ಟದ ಅಧಿಕಾರಿಗಳು ಉಪಸ್ಥಿತರಿದ್ದರು.
ಕೂಸಿನ ಮನೆಗಳು ಮಾದರಿ ಕೇಂದ್ರಗಳಾಗಿ
ಕಾರ್ಯನಿರ್ವಹಿಸಲಿ : ಮಂಜುನಾಥ್ ಕರೆ
ಕೂಸಿನ ಮನೆ ಆರೈಕೆದಾರರಿಗೆ ರಿಫ್ರೆಷರ್ ತರಬೇತಿ
ತುಮಕೂರು: ಕೂಸಿನ ಮನೆಗಳು ಮಾದರಿ ಕೇಂದ್ರಗಳಾಗಿ ಕಾರ್ಯನಿರ್ವಹಿಸಬೇಕೆಂದು ತಾಲ್ಲೂಕು ಪಂಚಾಯತಿ ಸಹಾಯಕ ನಿರ್ದೇಶಕ ಎಸ್.ಸಿ.ಮಂಜುನಾಥ ಕರೆ ನೀಡಿದರು. ಮಹಾತ್ಮ ಗಾಂಧಿ ರಾಷ್ಟ್ರೀಯ ಉದ್ಯೋಗ ಖಾತರಿ ಯೋಜನೆಯಡಿ ತಾಲ್ಲೂಕು ಪಂಚಾಯತಿ ಸಾಮರ್ಥ್ಯ ಸೌಧದಲ್ಲಿ ಮಂಗಳವಾರ ತಾಲ್ಲೂಕು ಪಂಚಾಯತಿ ಹಾಗೂ ಅಜೀಂ ಪ್ರೇಮ್‌ಜೀ ಫೌಂಡೇಶನ್ ಸಹಯೋಗದಲ್ಲಿ ಕೂಸಿನ ಮನೆ ಆರೈಕೆದಾರರಿಗೆ ಆಯೋಜಿಸಲಾಗಿದ್ದ ರಿಫ್ರೆಷರ್ ತರಬೇತಿ ಕಾರ್ಯಕ್ರಮ ಉದ್ಘಾಟಿಸಿ ಅವರು ಮಾತನಾಡಿದರು. ಗ್ರಾಮೀಣಭಾಗದಲ್ಲಿ ಕೂಲಿ
ಪಂಚಾಯಿತಿ ರಾಜ್ ಇಲಾಖೆಯ ಮಹತ್ವಾಕಾಂಕ್ಷಿ ಯೋಜನೆಗಳಲ್ಲೊಂದಾದ ಕೂಸಿನ ಮನೆ ಯೋಜನೆಯನ್ನು ಸಮರ್ಪಕವಾಗಿ ಜಾರಿಗೊಳಿಸಿ ಮಕ್ಕಳ ಬೌದ್ಧಿಕತೆಯನ್ನು ವೃದ್ಧಿಸುವುದರೊಂದಿಗೆ ಉತ್ತಮ ಆರೈಕೆ ಒದಗಿಸುವುದು ಆರೈಕೆದಾರರ ಜವಾಬ್ದಾರಿಯಾಗಿದೆ ಎಂದು ಹೇಳಿದರು. ಈ ಸಂದರ್ಭದಲ್ಲಿ ತಾಲ್ಲೂಕು ಪಂಚಾಯತಿ ಯೋಜನಾಧಿಕಾರಿ ರೇಣುಕಾ ಹಾಗೂ ರೋಜಾ, ಎಂಐಎಸ್ ಸಂಯೋಜಕ ಸ್ಟೀವನ್, ತಾಲ್ಲೂಕು ಪಂಚಾಯಿತಿ ಐ.ಇ.ಸಿ. ಸಂಯೋಜಕರು, ಮಹಿಳಾ ಕೇರ್ ಟೇಕರ್‌ಗಳು ಸೇರಿದಂತೆ ಮತ್ತಿತರರು ಹಾಜರಿದ್ದರು.
